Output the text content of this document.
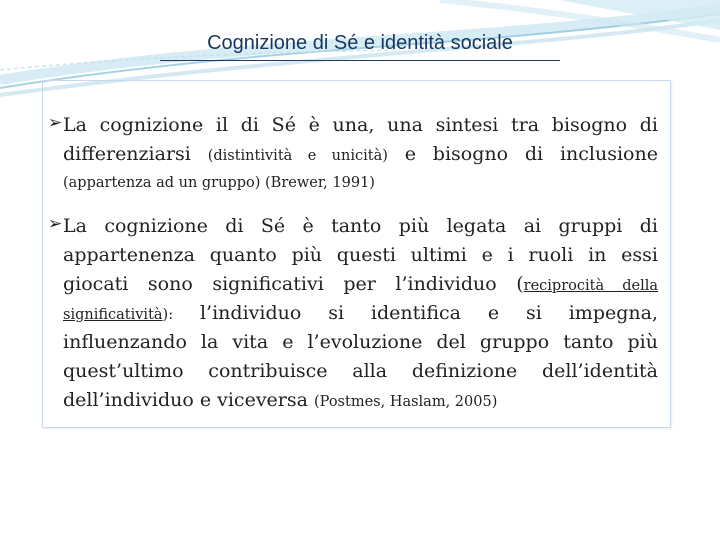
Cognizione di Sé e identità sociale
➢ La cognizione il di Sé è una, una sintesi tra bisogno di
differenziarsi (distintività e unicità) e bisogno di inclusione
(appartenza ad un gruppo) (Brewer, 1991)
➢ La cognizione di Sé è tanto più legata ai gruppi di
appartenenza quanto più questi ultimi e i ruoli in essi
giocati sono significativi per l’individuo (reciprocità della
significatività): l’individuo si identifica e si impegna,
influenzando la vita e l’evoluzione del gruppo tanto più
quest’ultimo contribuisce alla definizione dell’identità
dell’individuo e viceversa (Postmes, Haslam, 2005)
